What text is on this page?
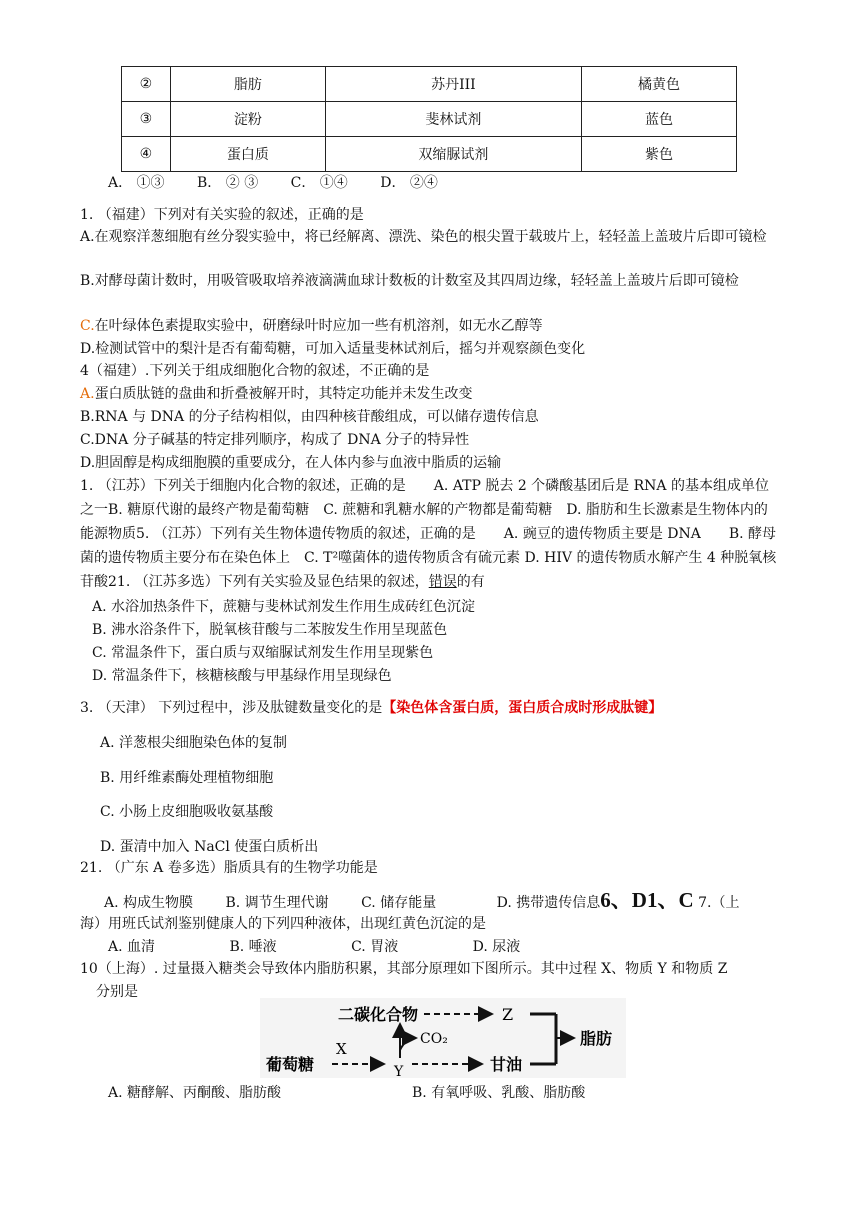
②	脂肪	苏丹III	橘黄色
③	淀粉	斐林试剂	蓝色
④	蛋白质	双缩脲试剂	紫色
A． ①③　　 B． ② ③　　 C． ①④　　 D． ②④
1. （福建）下列对有关实验的叙述，正确的是
A.在观察洋葱细胞有丝分裂实验中，将已经解离、漂洗、染色的根尖置于载玻片上，轻轻盖上盖玻片后即可镜检
B.对酵母菌计数时，用吸管吸取培养液滴满血球计数板的计数室及其四周边缘，轻轻盖上盖玻片后即可镜检
C.在叶绿体色素提取实验中，研磨绿叶时应加一些有机溶剂，如无水乙醇等
D.检测试管中的梨汁是否有葡萄糖，可加入适量斐林试剂后，摇匀并观察颜色变化
4（福建）.下列关于组成细胞化合物的叙述，不正确的是
A.蛋白质肽链的盘曲和折叠被解开时，其特定功能并未发生改变
B.RNA 与 DNA 的分子结构相似，由四种核苷酸组成，可以储存遗传信息
C.DNA 分子碱基的特定排列顺序，构成了 DNA 分子的特异性
D.胆固醇是构成细胞膜的重要成分，在人体内参与血液中脂质的运输
1. （江苏）下列关于细胞内化合物的叙述，正确的是　　A. ATP 脱去 2 个磷酸基团后是 RNA 的基本组成单位之一B. 糖原代谢的最终产物是葡萄糖　C. 蔗糖和乳糖水解的产物都是葡萄糖　D. 脂肪和生长激素是生物体内的能源物质5. （江苏）下列有关生物体遗传物质的叙述，正确的是　　A. 豌豆的遗传物质主要是 DNA　　B. 酵母菌的遗传物质主要分布在染色体上　C. T²噬菌体的遗传物质含有硫元素 D. HIV 的遗传物质水解产生 4 种脱氧核苷酸21. （江苏多选）下列有关实验及显色结果的叙述，错误的有
A. 水浴加热条件下，蔗糖与斐林试剂发生作用生成砖红色沉淀
B. 沸水浴条件下，脱氧核苷酸与二苯胺发生作用呈现蓝色
C. 常温条件下，蛋白质与双缩脲试剂发生作用呈现紫色
D. 常温条件下，核糖核酸与甲基绿作用呈现绿色
3. （天津） 下列过程中，涉及肽键数量变化的是【染色体含蛋白质，蛋白质合成时形成肽键】
A. 洋葱根尖细胞染色体的复制
B. 用纤维素酶处理植物细胞
C. 小肠上皮细胞吸收氨基酸
D. 蛋清中加入 NaCl 使蛋白质析出
21. （广东 A 卷多选）脂质具有的生物学功能是
A. 构成生物膜　　 B. 调节生理代谢　　 C. 储存能量　　　　 D. 携带遗传信息6、D1、C 7.（上
海）用班氏试剂鉴别健康人的下列四种液体，出现红黄色沉淀的是
A. 血清　　　　　 B. 唾液　　　　　 C. 胃液　　　　　 D. 尿液
10（上海）. 过量摄入糖类会导致体内脂肪积累，其部分原理如下图所示。其中过程 X、物质 Y 和物质 Z
分别是
二碳化合物	Z
脂肪
CO₂
X
葡萄糖	Y	甘油
A. 糖酵解、丙酮酸、脂肪酸	B. 有氧呼吸、乳酸、脂肪酸
